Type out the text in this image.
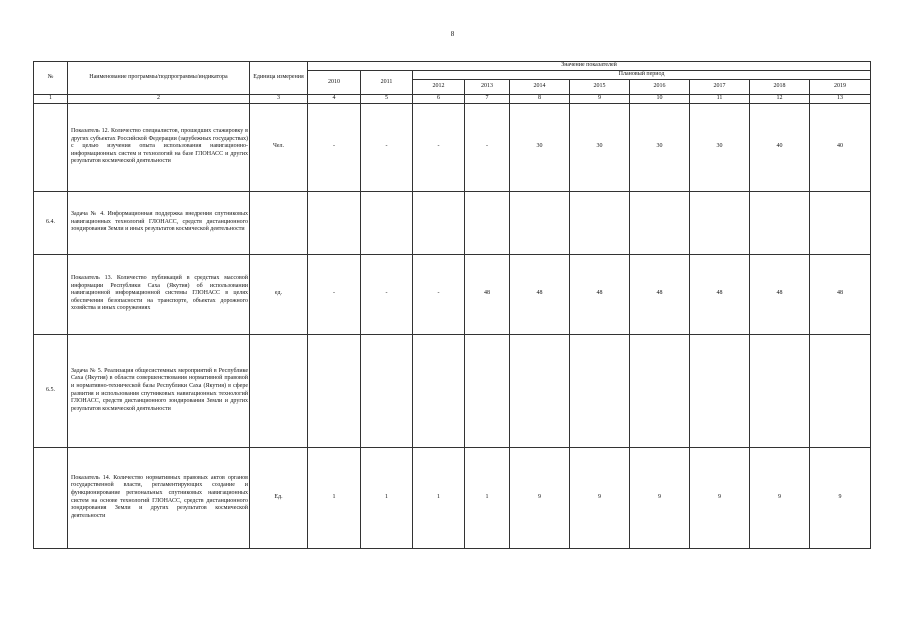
8
№	Наименование программы/подпрограммы/индикатора	Единица измерения	Значение показателей									
			2010	2011	Плановый период							
					2012	2013	2014	2015	2016	2017	2018	2019
1	2	3	4	5	6	7	8	9	10	11	12	13
	Показатель 12. Количество специалистов, прошедших стажировку в других субъектах Российской Федерации (зарубежных государствах) с целью изучения опыта использования навигационно-информационных систем и технологий на базе ГЛОНАСС и других результатов космической деятельности	Чел.	-	-	-	-	30	30	30	30	40	40
6.4.	Задача № 4. Информационная поддержка внедрения спутниковых навигационных технологий ГЛОНАСС, средств дистанционного зондирования Земли и иных результатов космической деятельности											
	Показатель 13. Количество публикаций в средствах массовой информации Республики Саха (Якутия) об использовании навигационной информационной системы ГЛОНАСС в целях обеспечения безопасности на транспорте, объектах дорожного хозяйства и иных сооружениях	ед.	-	-	-	48	48	48	48	48	48	48
6.5.	Задача № 5. Реализация общесистемных мероприятий в Республике Саха (Якутия) в области совершенствования нормативной правовой и нормативно-технической базы Республики Саха (Якутия) в сфере развития и использования спутниковых навигационных технологий ГЛОНАСС, средств дистанционного зондирования Земли и других результатов космической деятельности											
	Показатель 14. Количество нормативных правовых актов органов государственной власти, регламентирующих создание и функционирование региональных спутниковых навигационных систем на основе технологий ГЛОНАСС, средств дистанционного зондирования Земли и других результатов космической деятельности	Ед.	1	1	1	1	9	9	9	9	9	9
